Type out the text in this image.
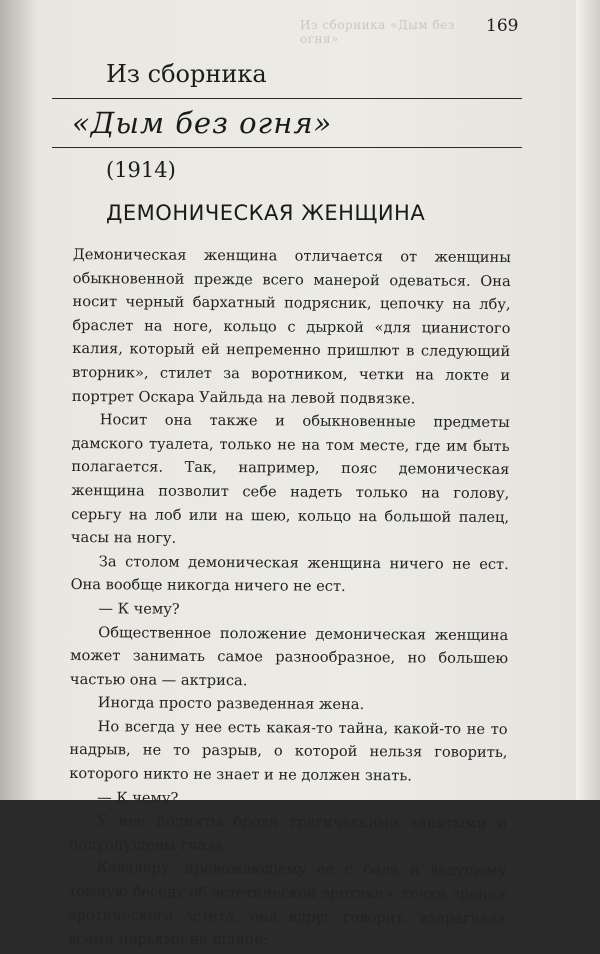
Из сборника «Дым без огня»
169
Из сборника
«Дым без огня»
(1914)
ДЕМОНИЧЕСКАЯ ЖЕНЩИНА

Демоническая женщина отличается от женщины обыкновенной прежде всего манерой одеваться. Она носит черный бархатный подрясник, цепочку на лбу, браслет на ноге, кольцо с дыркой «для цианистого калия, который ей непременно пришлют в следующий вторник», стилет за воротником, четки на локте и портрет Оскара Уайльда на левой подвязке.

Носит она также и обыкновенные предметы дамского туалета, только не на том месте, где им быть полагается. Так, например, пояс демоническая женщина позволит себе надеть только на голову, серьгу на лоб или на шею, кольцо на большой палец, часы на ногу.

За столом демоническая женщина ничего не ест. Она вообще никогда ничего не ест.

— К чему?

Общественное положение демоническая женщина может занимать самое разнообразное, но большею частью она — актриса.

Иногда просто разведенная жена.

Но всегда у нее есть какая-то тайна, какой-то не то надрыв, не то разрыв, о которой нельзя говорить, которого никто не знает и не должен знать.

— К чему?

У нее подняты брови трагическими запятыми и полуопущены глаза.

Кавалеру, провожающему ее с бала и ведущему томную беседу об эстетической эротике с точки зрения эротического эстета, она вдруг говорит, вздрагивая всеми перьями на шляпе:
